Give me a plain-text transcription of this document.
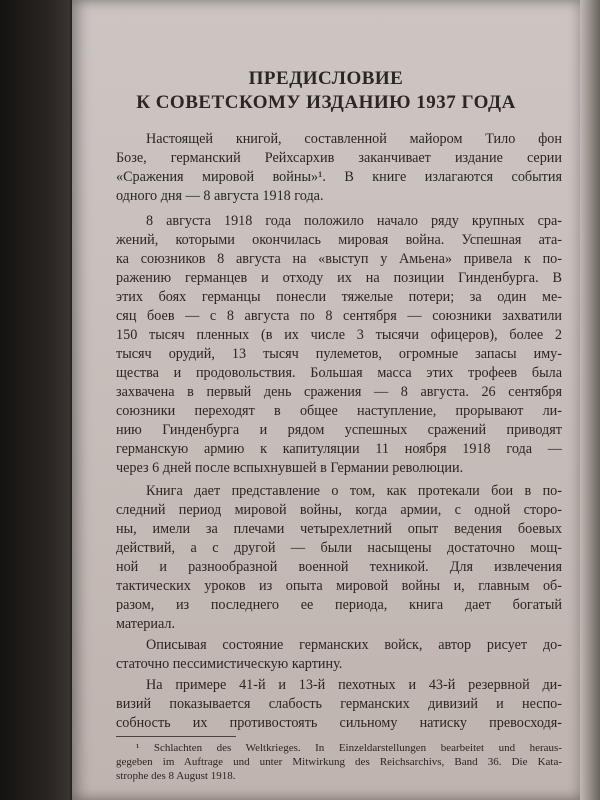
ПРЕДИСЛОВИЕ
К СОВЕТСКОМУ ИЗДАНИЮ 1937 ГОДА
Настоящей книгой, составленной майором Тило фон
Бозе, германский Рейхсархив заканчивает издание серии
«Сражения мировой войны»¹. В книге излагаются события
одного дня — 8 августа 1918 года.
8 августа 1918 года положило начало ряду крупных сра-
жений, которыми окончилась мировая война. Успешная ата-
ка союзников 8 августа на «выступ у Амьена» привела к по-
ражению германцев и отходу их на позиции Гинденбурга. В
этих боях германцы понесли тяжелые потери; за один ме-
сяц боев — с 8 августа по 8 сентября — союзники захватили
150 тысяч пленных (в их числе 3 тысячи офицеров), более 2
тысяч орудий, 13 тысяч пулеметов, огромные запасы иму-
щества и продовольствия. Большая масса этих трофеев была
захвачена в первый день сражения — 8 августа. 26 сентября
союзники переходят в общее наступление, прорывают ли-
нию Гинденбурга и рядом успешных сражений приводят
германскую армию к капитуляции 11 ноября 1918 года —
через 6 дней после вспыхнувшей в Германии революции.
Книга дает представление о том, как протекали бои в по-
следний период мировой войны, когда армии, с одной сторо-
ны, имели за плечами четырехлетний опыт ведения боевых
действий, а с другой — были насыщены достаточно мощ-
ной и разнообразной военной техникой. Для извлечения
тактических уроков из опыта мировой войны и, главным об-
разом, из последнего ее периода, книга дает богатый
материал.
Описывая состояние германских войск, автор рисует до-
статочно пессимистическую картину.
На примере 41-й и 13-й пехотных и 43-й резервной ди-
визий показывается слабость германских дивизий и неспо-
собность их противостоять сильному натиску превосходя-
¹ Schlachten des Weltkrieges. In Einzeldarstellungen bearbeitet und heraus-
gegeben im Auftrage und unter Mitwirkung des Reichsarchivs, Band 36. Die Kata-
strophe des 8 August 1918.
